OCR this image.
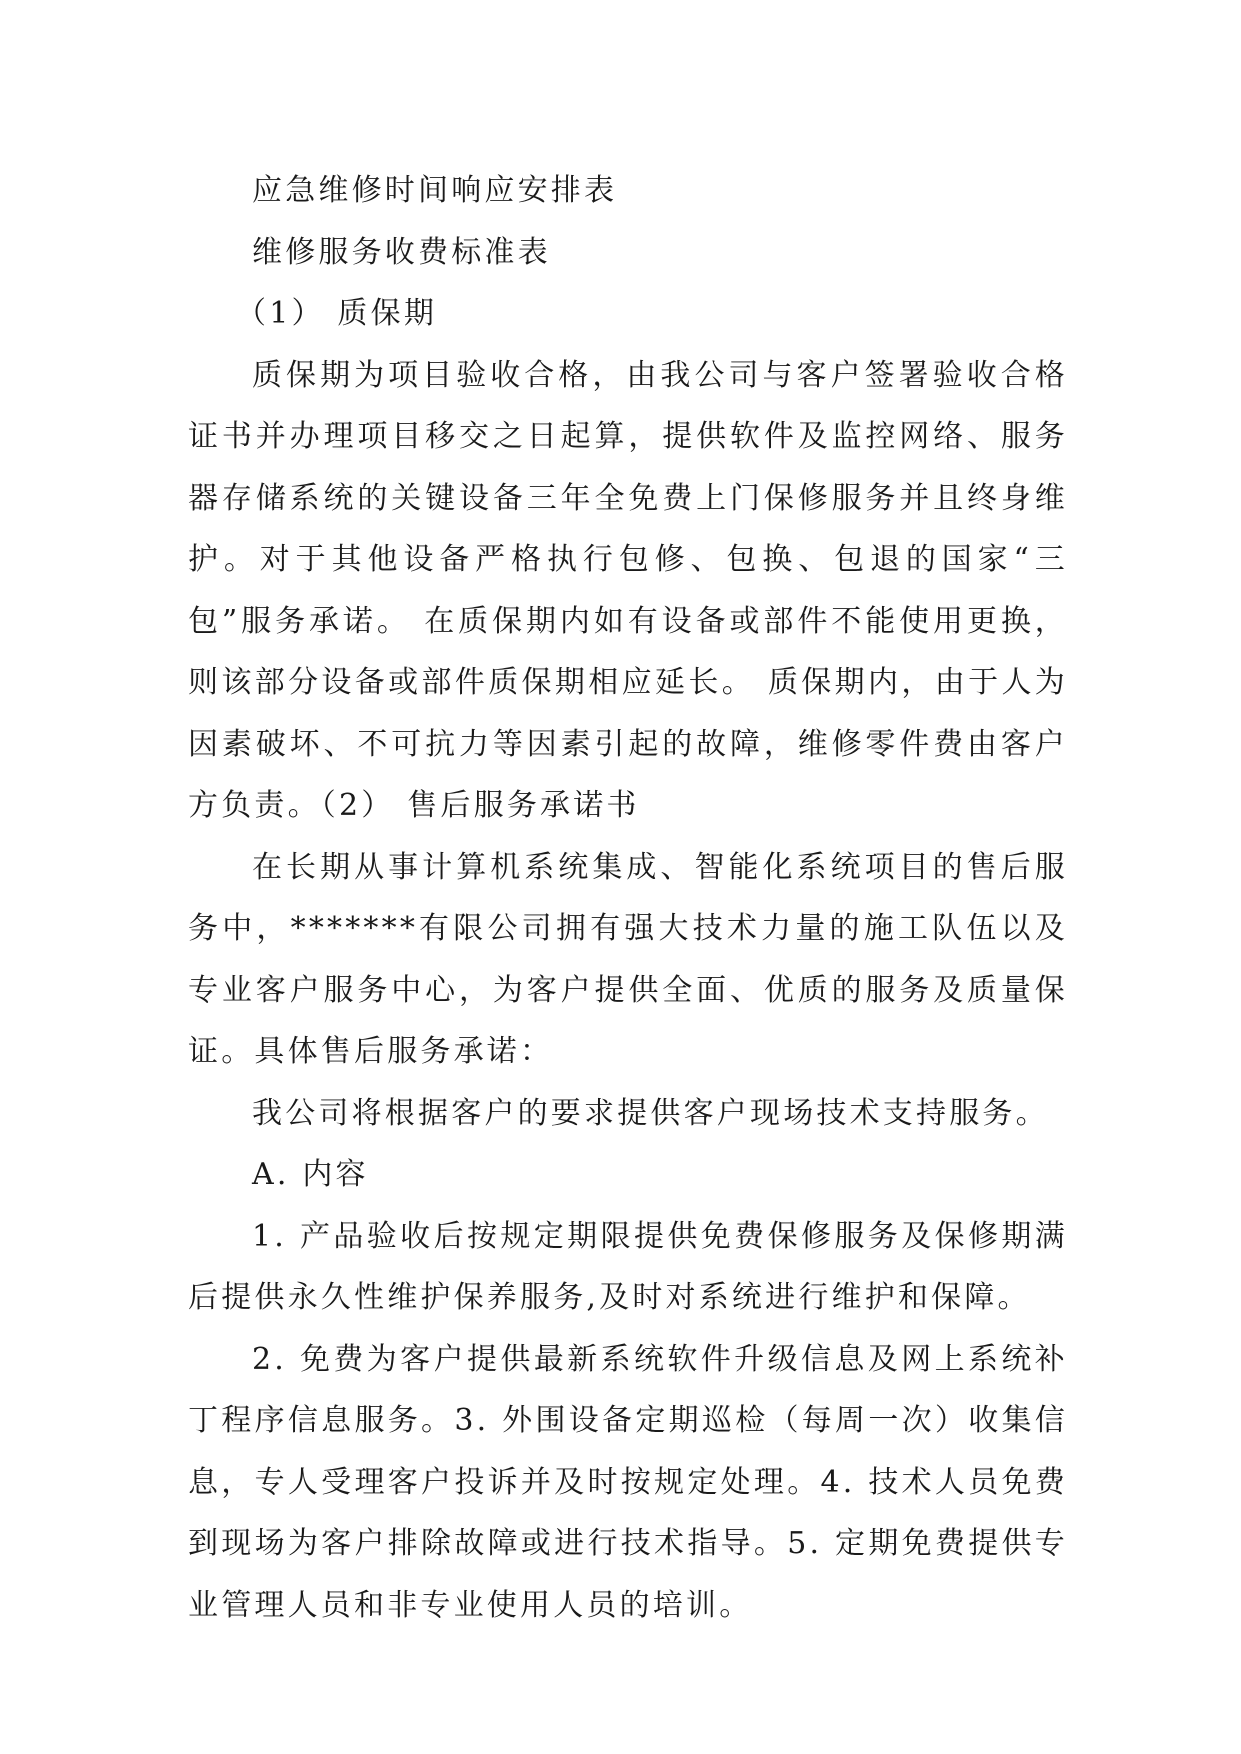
应急维修时间响应安排表

维修服务收费标准表

（1） 质保期

质保期为项目验收合格，由我公司与客户签署验收合格证书并办理项目移交之日起算，提供软件及监控网络、服务器存储系统的关键设备三年全免费上门保修服务并且终身维护。对于其他设备严格执行包修、包换、包退的国家“三包”服务承诺。 在质保期内如有设备或部件不能使用更换，则该部分设备或部件质保期相应延长。 质保期内，由于人为因素破坏、不可抗力等因素引起的故障，维修零件费由客户方负责。（2） 售后服务承诺书

在长期从事计算机系统集成、智能化系统项目的售后服务中，*******有限公司拥有强大技术力量的施工队伍以及专业客户服务中心，为客户提供全面、优质的服务及质量保证。具体售后服务承诺：

我公司将根据客户的要求提供客户现场技术支持服务。

A. 内容

1. 产品验收后按规定期限提供免费保修服务及保修期满后提供永久性维护保养服务,及时对系统进行维护和保障。

2. 免费为客户提供最新系统软件升级信息及网上系统补丁程序信息服务。3. 外围设备定期巡检（每周一次）收集信息，专人受理客户投诉并及时按规定处理。4. 技术人员免费到现场为客户排除故障或进行技术指导。5. 定期免费提供专业管理人员和非专业使用人员的培训。
